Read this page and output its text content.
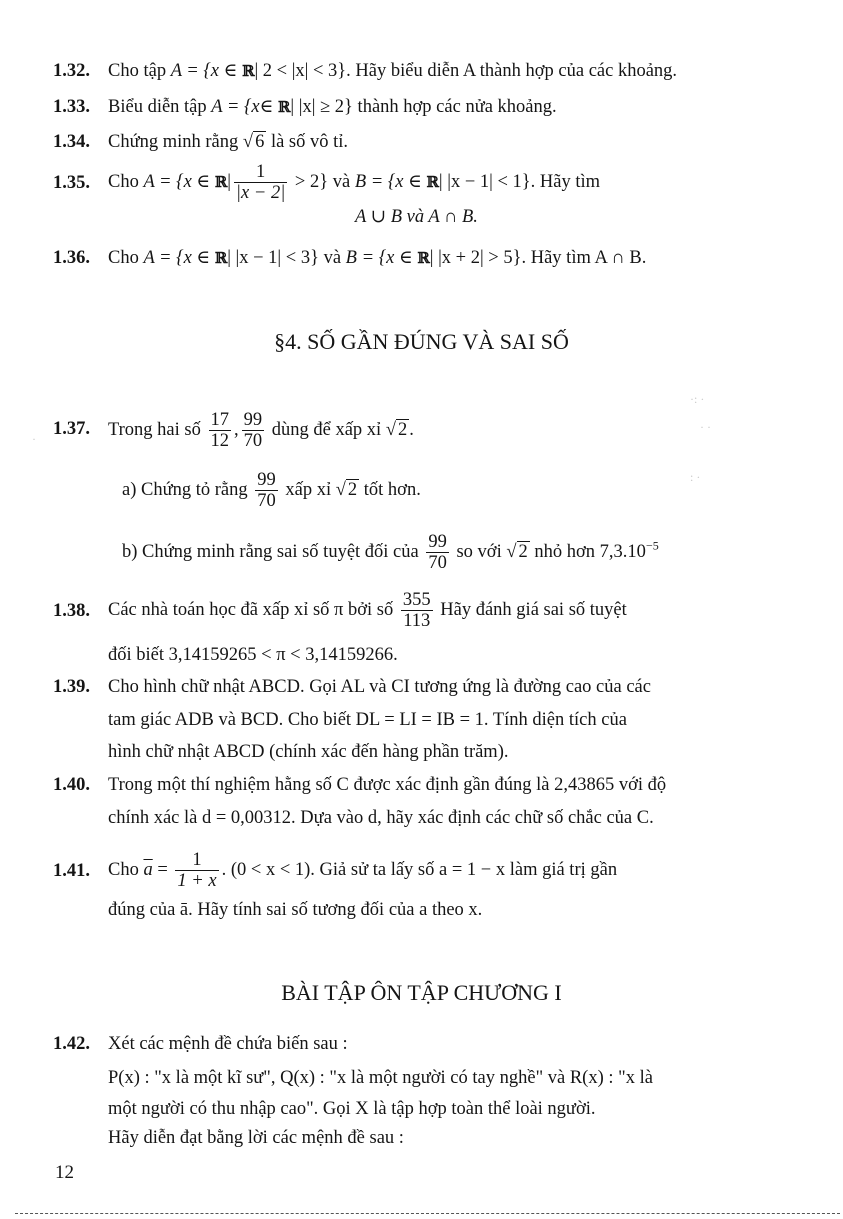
1.32. Cho tập A = {x ∈ ℝ| 2 < |x| < 3}. Hãy biểu diễn A thành hợp của các khoảng.
1.33. Biểu diễn tập A = {x∈ ℝ| |x| ≥ 2} thành hợp các nửa khoảng.
1.34. Chứng minh rằng √ 6 là số vô tỉ.
1.35. Cho A = {x ∈ ℝ| $\frac{1}{|x - 2|} > 2$} và B = {x ∈ ℝ| |x − 1| < 1}. Hãy tìm
A ∪ B và A ∩ B.
1.36. Cho A = {x ∈ ℝ| |x − 1| < 3} và B = {x ∈ ℝ| |x + 2| > 5}. Hãy tìm A ∩ B.
§4. SỐ GẦN ĐÚNG VÀ SAI SỐ
1.37. Trong hai số $\frac{17}{12}$ , $\frac{99}{70}$ dùng để xấp xỉ √ 2 .
a) Chứng tỏ rằng $\frac{99}{70}$ xấp xỉ √ 2 tốt hơn.
b) Chứng minh rằng sai số tuyệt đối của $\frac{99}{70}$ so với √ 2 nhỏ hơn $7,3.10^{-5}$
1.38. Các nhà toán học đã xấp xỉ số π bởi số $\frac{355}{113}$ Hãy đánh giá sai số tuyệt
đối biết 3,14159265 < π < 3,14159266.
1.39. Cho hình chữ nhật ABCD. Gọi AL và CI tương ứng là đường cao của các
tam giác ADB và BCD. Cho biết DL = LI = IB = 1. Tính diện tích của
hình chữ nhật ABCD (chính xác đến hàng phần trăm).
1.40. Trong một thí nghiệm hằng số C được xác định gần đúng là 2,43865 với độ
chính xác là d = 0,00312. Dựa vào d, hãy xác định các chữ số chắc của C.
1.41. Cho $\overline{a} = \frac{1}{1 + x}$ . (0 < x < 1). Giả sử ta lấy số a = 1 − x làm giá trị gần
đúng của ā. Hãy tính sai số tương đối của a theo x.
BÀI TẬP ÔN TẬP CHƯƠNG I
1.42. Xét các mệnh đề chứa biến sau :
P(x) : "x là một kĩ sư", Q(x) : "x là một người có tay nghề" và R(x) : "x là
một người có thu nhập cao". Gọi X là tập hợp toàn thể loài người.
Hãy diễn đạt bằng lời các mệnh đề sau :
12
·: ·
· ·
: ·
·
